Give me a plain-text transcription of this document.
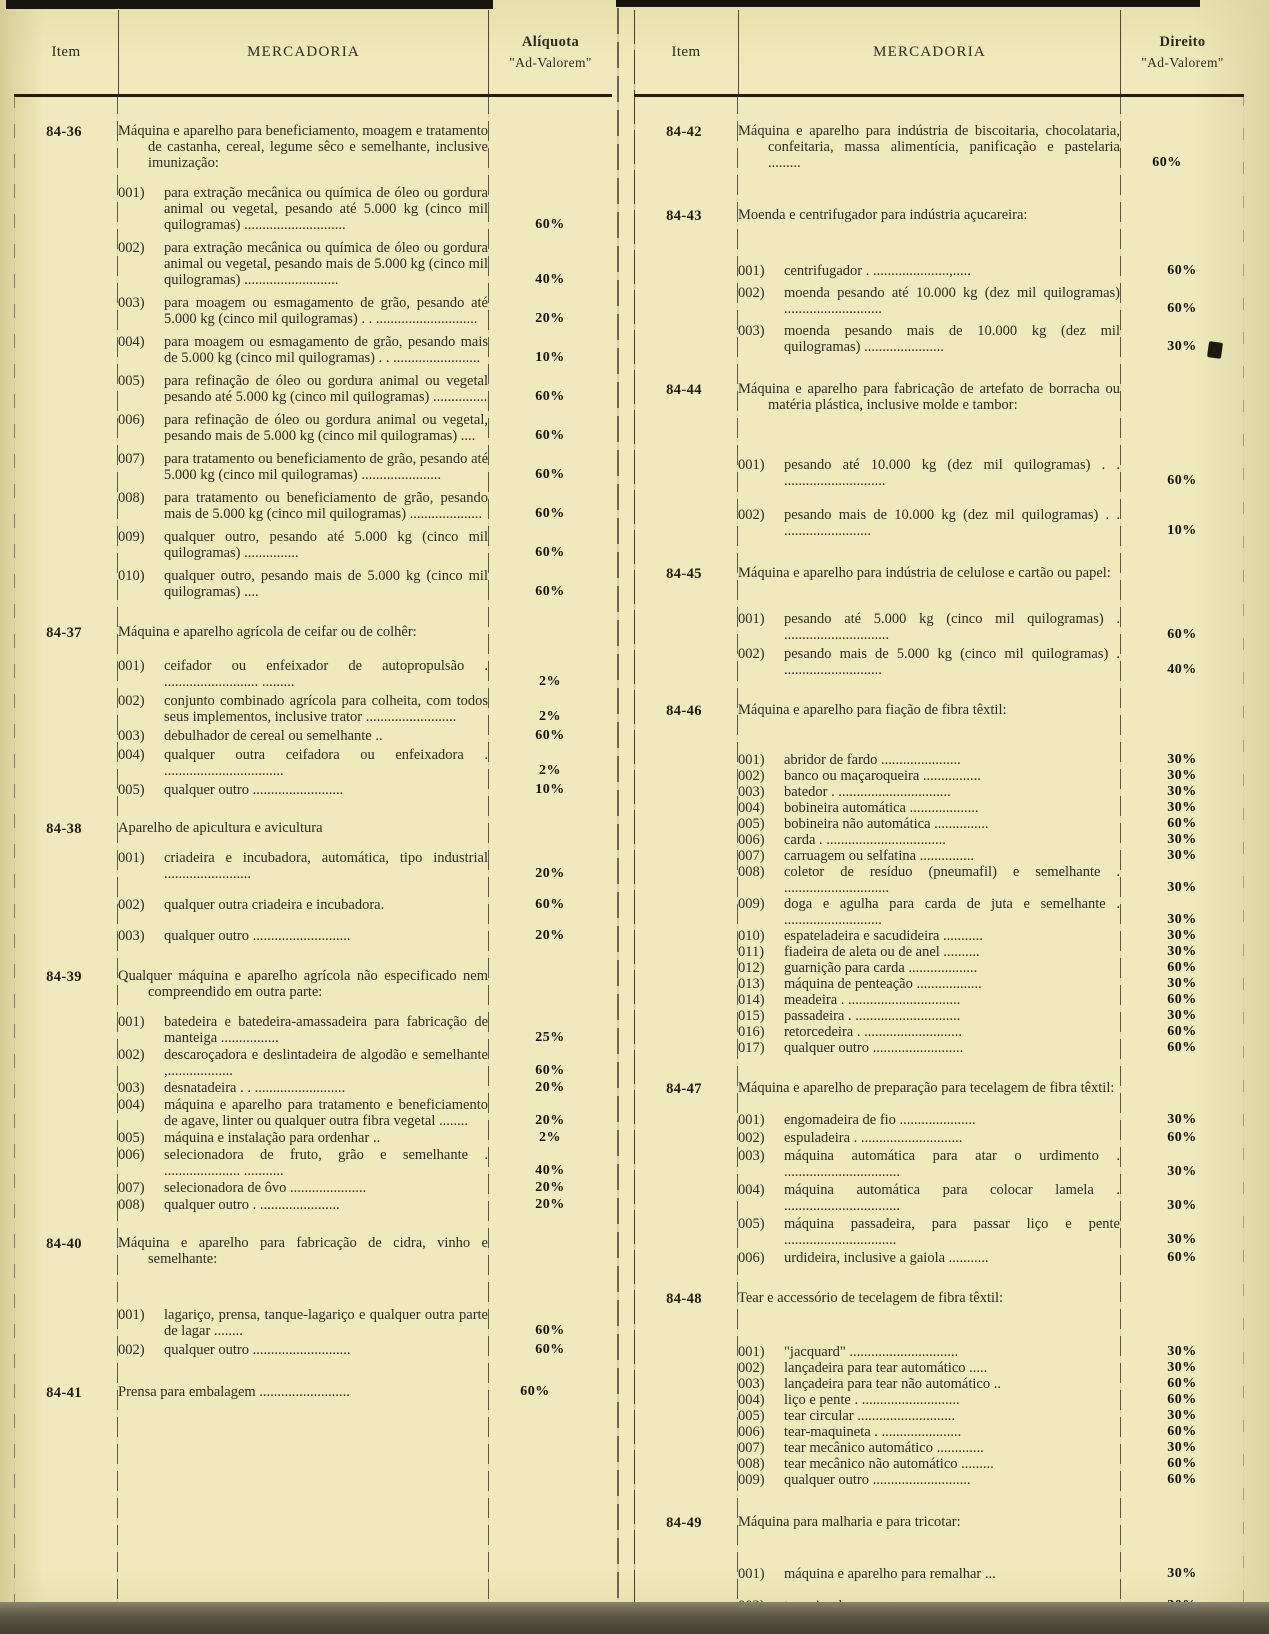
Item	MERCADORIA
Alíquota
"Ad-Valorem"
84-36	Máquina e aparelho para beneficiamento, moagem e tratamento de castanha, cereal, legume sêco e semelhante, inclusive imunização:
001)	para extração mecânica ou química de óleo ou gordura animal ou vegetal, pesando até 5.000 kg (cinco mil quilogramas) ............................	60%
002)	para extração mecânica ou química de óleo ou gordura animal ou vegetal, pesando mais de 5.000 kg (cinco mil quilogramas) ..........................	40%
003)	para moagem ou esmagamento de grão, pesando até 5.000 kg (cinco mil quilogramas) . . ............................	20%
004)	para moagem ou esmagamento de grão, pesando mais de 5.000 kg (cinco mil quilogramas) . . ........................	10%
005)	para refinação de óleo ou gordura animal ou vegetal pesando até 5.000 kg (cinco mil quilogramas) ...............	60%
006)	para refinação de óleo ou gordura animal ou vegetal, pesando mais de 5.000 kg (cinco mil quilogramas) ....	60%
007)	para tratamento ou beneficiamento de grão, pesando até 5.000 kg (cinco mil quilogramas) ......................	60%
008)	para tratamento ou beneficiamento de grão, pesando mais de 5.000 kg (cinco mil quilogramas) ....................	60%
009)	qualquer outro, pesando até 5.000 kg (cinco mil quilogramas) ...............	60%
010)	qualquer outro, pesando mais de 5.000 kg (cinco mil quilogramas) ....	60%
84-37	Máquina e aparelho agrícola de ceifar ou de colhêr:
001)	ceifador ou enfeixador de autopropulsão . .......................... .........	2%
002)	conjunto combinado agrícola para colheita, com todos seus implementos, inclusive trator .........................	2%
003)	debulhador de cereal ou semelhante ..	60%
004)	qualquer outra ceifadora ou enfeixadora . .................................	2%
005)	qualquer outro .........................	10%
84-38	Aparelho de apicultura e avicultura
001)	criadeira e incubadora, automática, tipo industrial ........................	20%
002)	qualquer outra criadeira e incubadora.	60%
003)	qualquer outro ...........................	20%
84-39	Qualquer máquina e aparelho agrícola não especificado nem compreendido em outra parte:
001)	batedeira e batedeira-amassadeira para fabricação de manteiga ................	25%
002)	descaroçadora e deslintadeira de algodão e semelhante ,..................	60%
003)	desnatadeira . . .........................	20%
004)	máquina e aparelho para tratamento e beneficiamento de agave, linter ou qualquer outra fibra vegetal ........	20%
005)	máquina e instalação para ordenhar ..	2%
006)	selecionadora de fruto, grão e semelhante . ..................... ...........	40%
007)	selecionadora de ôvo .....................	20%
008)	qualquer outro . ......................	20%
84-40	Máquina e aparelho para fabricação de cidra, vinho e semelhante:
001)	lagariço, prensa, tanque-lagariço e qualquer outra parte de lagar ........	60%
002)	qualquer outro ...........................	60%
84-41	Prensa para embalagem .........................	60%
Item	MERCADORIA
Direito
"Ad-Valorem"
84-42	Máquina e aparelho para indústria de biscoitaria, chocolataria, confeitaria, massa alimentícia, panificação e pastelaria .........	60%
84-43	Moenda e centrifugador para indústria açucareira:
001)	centrifugador . .....................,.....	60%
002)	moenda pesando até 10.000 kg (dez mil quilogramas) ...........................	60%
003)	moenda pesando mais de 10.000 kg (dez mil quilogramas) ......................	30%
84-44	Máquina e aparelho para fabricação de artefato de borracha ou matéria plástica, inclusive molde e tambor:
001)	pesando até 10.000 kg (dez mil quilogramas) . . ............................	60%
002)	pesando mais de 10.000 kg (dez mil quilogramas) . . ........................	10%
84-45	Máquina e aparelho para indústria de celulose e cartão ou papel:
001)	pesando até 5.000 kg (cinco mil quilogramas) . .............................	60%
002)	pesando mais de 5.000 kg (cinco mil quilogramas) . ...........................	40%
84-46	Máquina e aparelho para fiação de fibra têxtil:
001)	abridor de fardo ......................	30%
002)	banco ou maçaroqueira ................	30%
003)	batedor . ...............................	30%
004)	bobineira automática ...................	30%
005)	bobineira não automática ...............	60%
006)	carda . .................................	30%
007)	carruagem ou selfatina ...............	30%
008)	coletor de resíduo (pneumafil) e semelhante . .............................	30%
009)	doga e agulha para carda de juta e semelhante . ...........................	30%
010)	espateladeira e sacudideira ...........	30%
011)	fiadeira de aleta ou de anel ..........	30%
012)	guarnição para carda ...................	60%
013)	máquina de penteação ..................	30%
014)	meadeira . ...............................	60%
015)	passadeira . .............................	30%
016)	retorcedeira . ...........................	60%
017)	qualquer outro .........................	60%
84-47	Máquina e aparelho de preparação para tecelagem de fibra têxtil:
001)	engomadeira de fio .....................	30%
002)	espuladeira . ............................	60%
003)	máquina automática para atar o urdimento . ................................	30%
004)	máquina automática para colocar lamela . ................................	30%
005)	máquina passadeira, para passar liço e pente ...............................	30%
006)	urdideira, inclusive a gaiola ...........	60%
84-48	Tear e accessório de tecelagem de fibra têxtil:
001)	"jacquard" ..............................	30%
002)	lançadeira para tear automático .....	30%
003)	lançadeira para tear não automático ..	60%
004)	liço e pente . ...........................	60%
005)	tear circular ...........................	30%
006)	tear-maquineta . ......................	60%
007)	tear mecânico automático .............	30%
008)	tear mecânico não automático .........	60%
009)	qualquer outro ...........................	60%
84-49	Máquina para malharia e para tricotar:
001)	máquina e aparelho para remalhar ...	30%
